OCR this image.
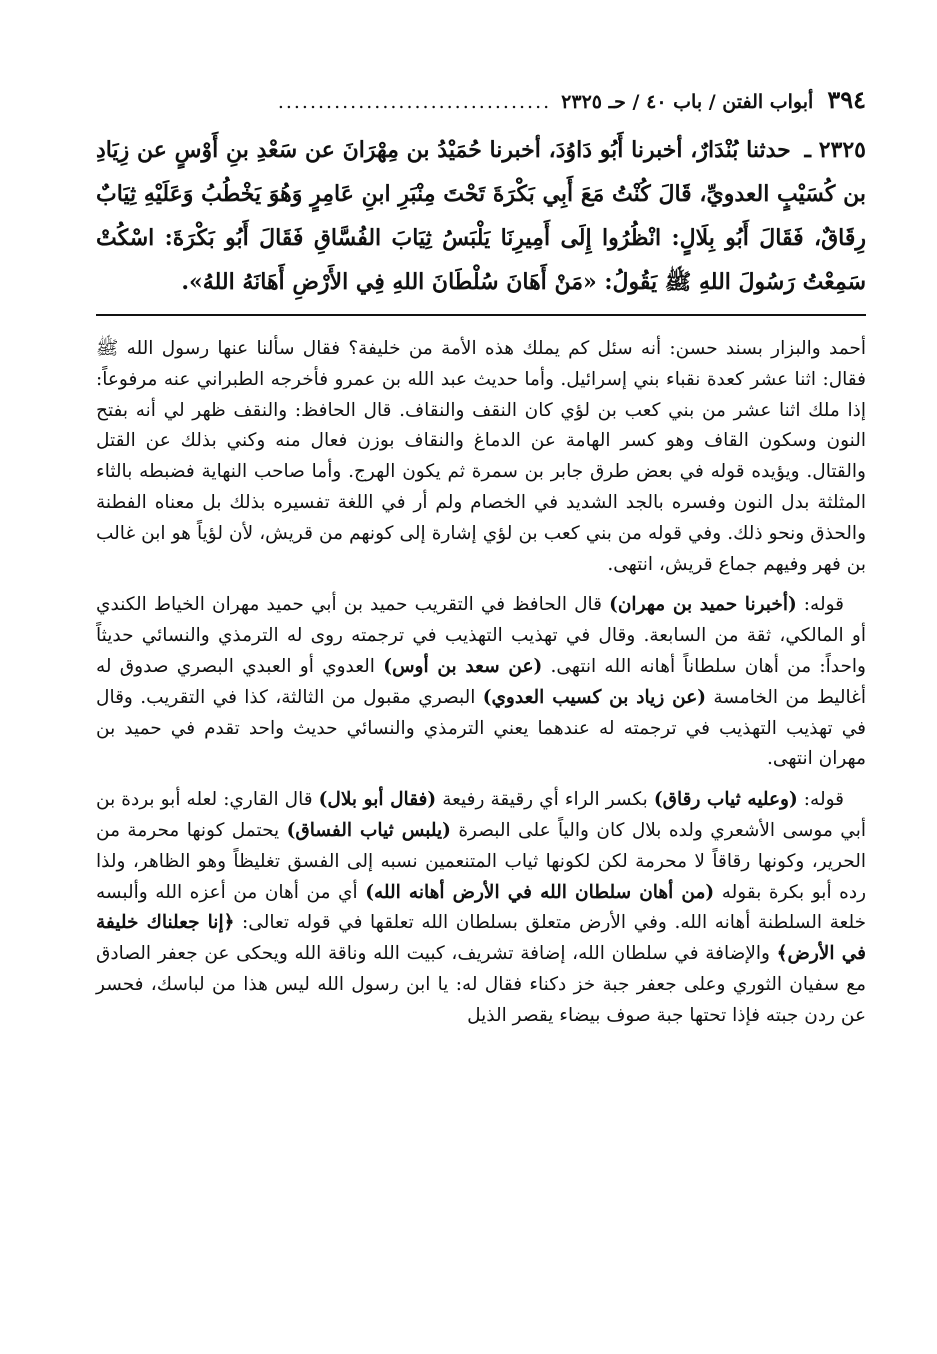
٣٩٤
أبواب الفتن / باب ٤٠ / حـ ٢٣٢٥
..................................
٢٣٢٥ ـ حدثنا بُنْدَارٌ، أخبرنا أَبُو دَاوُدَ، أخبرنا حُمَيْدُ بن مِهْرَانَ عن سَعْدِ بنِ أَوْسٍ عن زِيَادِ بن كُسَيْبٍ العدويِّ، قَالَ كُنْتُ مَعَ أَبِي بَكْرَةَ تَحْتَ مِنْبَرِ ابنِ عَامِرٍ وَهُوَ يَخْطُبُ وَعَلَيْهِ ثِيَابٌ رِقَاقٌ، فَقَالَ أَبُو بِلَالٍ: انْظُرُوا إِلَى أَمِيرِنَا يَلْبَسُ ثِيَابَ الفُسَّاقِ فَقَالَ أَبُو بَكْرَةَ: اسْكُتْ سَمِعْتُ رَسُولَ اللهِ ﷺ يَقُولُ: «مَنْ أَهَانَ سُلْطَانَ اللهِ فِي الأَرْضِ أَهَانَهُ اللهُ».

أحمد والبزار بسند حسن: أنه سئل كم يملك هذه الأمة من خليفة؟ فقال سألنا عنها رسول الله ﷺ فقال: اثنا عشر كعدة نقباء بني إسرائيل. وأما حديث عبد الله بن عمرو فأخرجه الطبراني عنه مرفوعاً: إذا ملك اثنا عشر من بني كعب بن لؤي كان النقف والنقاف. قال الحافظ: والنقف ظهر لي أنه بفتح النون وسكون القاف وهو كسر الهامة عن الدماغ والنقاف بوزن فعال منه وكني بذلك عن القتل والقتال. ويؤيده قوله في بعض طرق جابر بن سمرة ثم يكون الهرج. وأما صاحب النهاية فضبطه بالثاء المثلثة بدل النون وفسره بالجد الشديد في الخصام ولم أر في اللغة تفسيره بذلك بل معناه الفطنة والحذق ونحو ذلك. وفي قوله من بني كعب بن لؤي إشارة إلى كونهم من قريش، لأن لؤياً هو ابن غالب بن فهر وفيهم جماع قريش، انتهى.

قوله: (أخبرنا حميد بن مهران) قال الحافظ في التقريب حميد بن أبي حميد مهران الخياط الكندي أو المالكي، ثقة من السابعة. وقال في تهذيب التهذيب في ترجمته روى له الترمذي والنسائي حديثاً واحداً: من أهان سلطاناً أهانه الله انتهى. (عن سعد بن أوس) العدوي أو العبدي البصري صدوق له أغاليط من الخامسة (عن زياد بن كسيب العدوي) البصري مقبول من الثالثة، كذا في التقريب. وقال في تهذيب التهذيب في ترجمته له عندهما يعني الترمذي والنسائي حديث واحد تقدم في حميد بن مهران انتهى.

قوله: (وعليه ثياب رقاق) بكسر الراء أي رقيقة رفيعة (فقال أبو بلال) قال القاري: لعله أبو بردة بن أبي موسى الأشعري ولده بلال كان والياً على البصرة (يلبس ثياب الفساق) يحتمل كونها محرمة من الحرير، وكونها رقاقاً لا محرمة لكن لكونها ثياب المتنعمين نسبه إلى الفسق تغليظاً وهو الظاهر، ولذا رده أبو بكرة بقوله (من أهان سلطان الله في الأرض أهانه الله) أي من أهان من أعزه الله وألبسه خلعة السلطنة أهانه الله. وفي الأرض متعلق بسلطان الله تعلقها في قوله تعالى: ﴿إنا جعلناك خليفة في الأرض﴾ والإضافة في سلطان الله، إضافة تشريف، كبيت الله وناقة الله ويحكى عن جعفر الصادق مع سفيان الثوري وعلى جعفر جبة خز دكناء فقال له: يا ابن رسول الله ليس هذا من لباسك، فحسر عن ردن جبته فإذا تحتها جبة صوف بيضاء يقصر الذيل
